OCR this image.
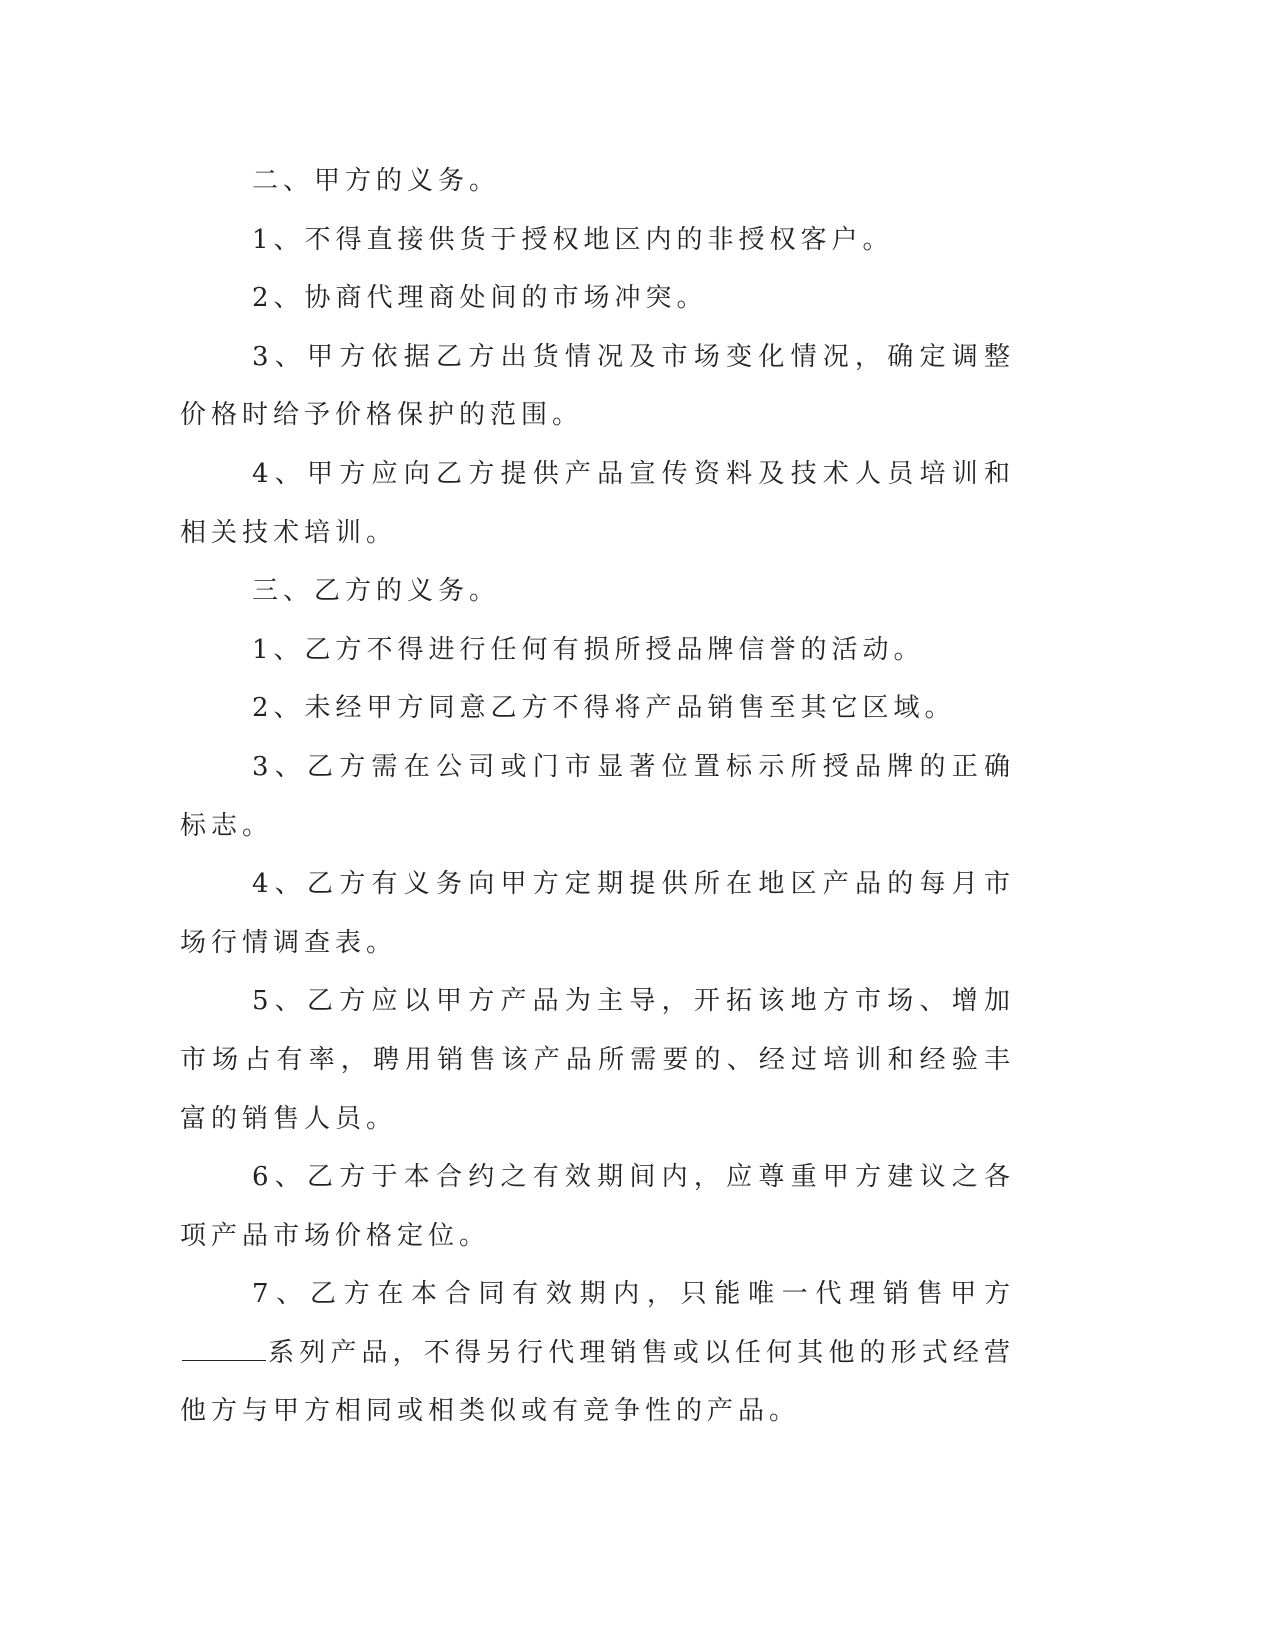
二、甲方的义务。

1、不得直接供货于授权地区内的非授权客户。

2、协商代理商处间的市场冲突。

3、甲方依据乙方出货情况及市场变化情况，确定调整价格时给予价格保护的范围。

4、甲方应向乙方提供产品宣传资料及技术人员培训和相关技术培训。

三、乙方的义务。

1、乙方不得进行任何有损所授品牌信誉的活动。

2、未经甲方同意乙方不得将产品销售至其它区域。

3、乙方需在公司或门市显著位置标示所授品牌的正确标志。

4、乙方有义务向甲方定期提供所在地区产品的每月市场行情调查表。

5、乙方应以甲方产品为主导，开拓该地方市场、增加市场占有率，聘用销售该产品所需要的、经过培训和经验丰富的销售人员。

6、乙方于本合约之有效期间内，应尊重甲方建议之各项产品市场价格定位。

7、乙方在本合同有效期内，只能唯一代理销售甲方系列产品，不得另行代理销售或以任何其他的形式经营他方与甲方相同或相类似或有竞争性的产品。
